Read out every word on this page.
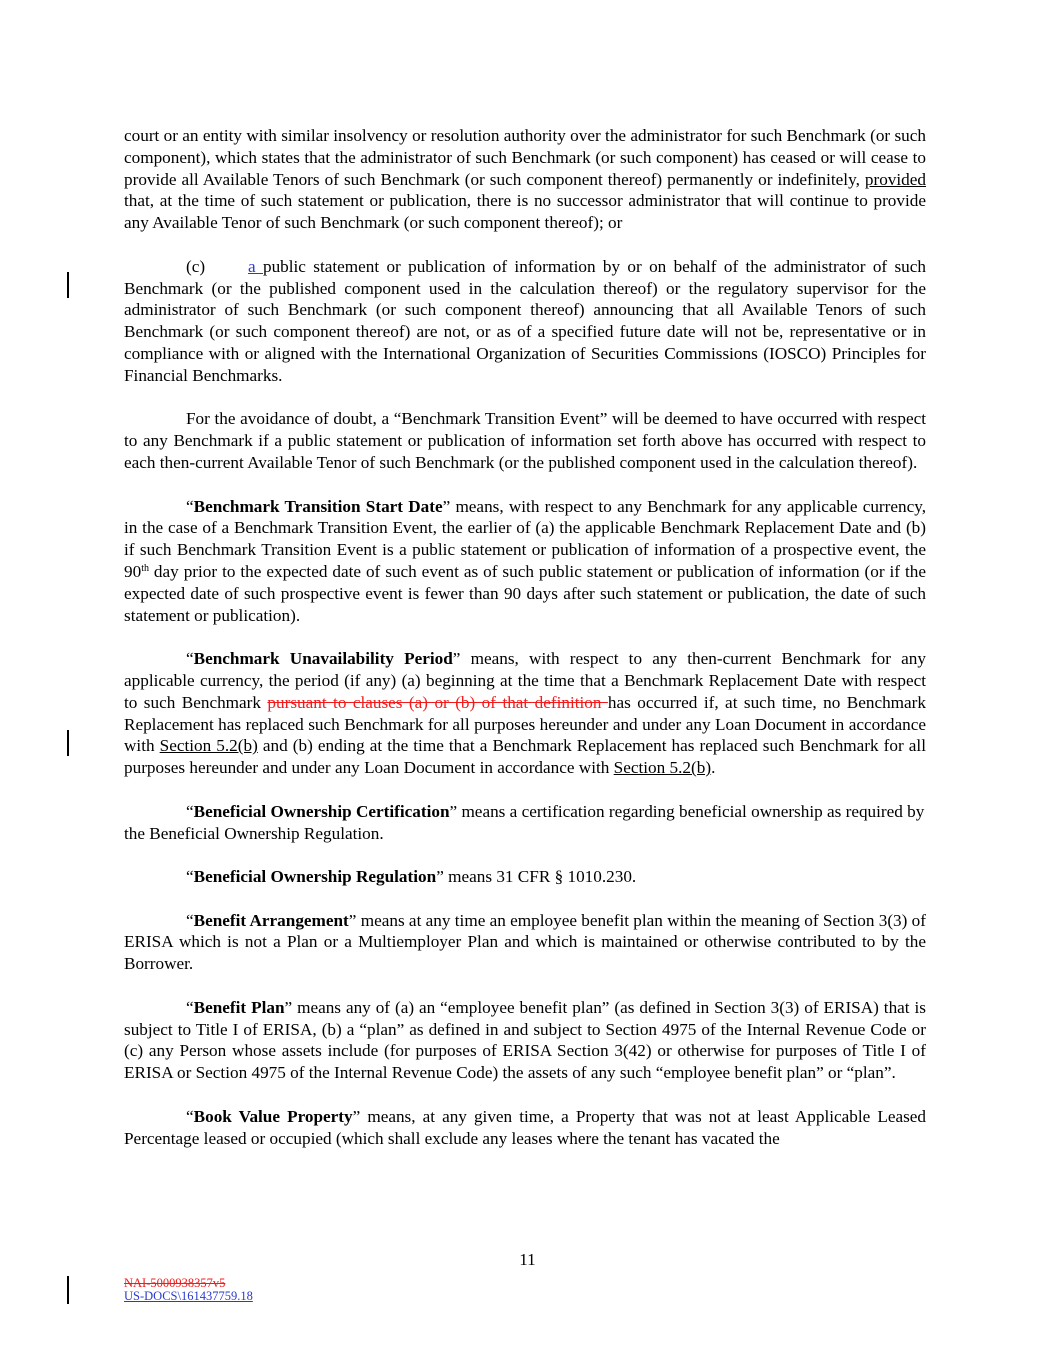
court or an entity with similar insolvency or resolution authority over the administrator for such Benchmark (or such component), which states that the administrator of such Benchmark (or such component) has ceased or will cease to provide all Available Tenors of such Benchmark (or such component thereof) permanently or indefinitely, provided that, at the time of such statement or publication, there is no successor administrator that will continue to provide any Available Tenor of such Benchmark (or such component thereof); or

(c) a public statement or publication of information by or on behalf of the administrator of such Benchmark (or the published component used in the calculation thereof) or the regulatory supervisor for the administrator of such Benchmark (or such component thereof) announcing that all Available Tenors of such Benchmark (or such component thereof) are not, or as of a specified future date will not be, representative or in compliance with or aligned with the International Organization of Securities Commissions (IOSCO) Principles for Financial Benchmarks.

For the avoidance of doubt, a “Benchmark Transition Event” will be deemed to have occurred with respect to any Benchmark if a public statement or publication of information set forth above has occurred with respect to each then-current Available Tenor of such Benchmark (or the published component used in the calculation thereof).

“Benchmark Transition Start Date” means, with respect to any Benchmark for any applicable currency, in the case of a Benchmark Transition Event, the earlier of (a) the applicable Benchmark Replacement Date and (b) if such Benchmark Transition Event is a public statement or publication of information of a prospective event, the 90th day prior to the expected date of such event as of such public statement or publication of information (or if the expected date of such prospective event is fewer than 90 days after such statement or publication, the date of such statement or publication).

“Benchmark Unavailability Period” means, with respect to any then-current Benchmark for any applicable currency, the period (if any) (a) beginning at the time that a Benchmark Replacement Date with respect to such Benchmark pursuant to clauses (a) or (b) of that definition has occurred if, at such time, no Benchmark Replacement has replaced such Benchmark for all purposes hereunder and under any Loan Document in accordance with Section 5.2(b) and (b) ending at the time that a Benchmark Replacement has replaced such Benchmark for all purposes hereunder and under any Loan Document in accordance with Section 5.2(b).

“Beneficial Ownership Certification” means a certification regarding beneficial ownership as required by the Beneficial Ownership Regulation.

“Beneficial Ownership Regulation” means 31 CFR § 1010.230.

“Benefit Arrangement” means at any time an employee benefit plan within the meaning of Section 3(3) of ERISA which is not a Plan or a Multiemployer Plan and which is maintained or otherwise contributed to by the Borrower.

“Benefit Plan” means any of (a) an “employee benefit plan” (as defined in Section 3(3) of ERISA) that is subject to Title I of ERISA, (b) a “plan” as defined in and subject to Section 4975 of the Internal Revenue Code or (c) any Person whose assets include (for purposes of ERISA Section 3(42) or otherwise for purposes of Title I of ERISA or Section 4975 of the Internal Revenue Code) the assets of any such “employee benefit plan” or “plan”.

“Book Value Property” means, at any given time, a Property that was not at least Applicable Leased Percentage leased or occupied (which shall exclude any leases where the tenant has vacated the

11
NAI-5000938357v5
US-DOCS\161437759.18
